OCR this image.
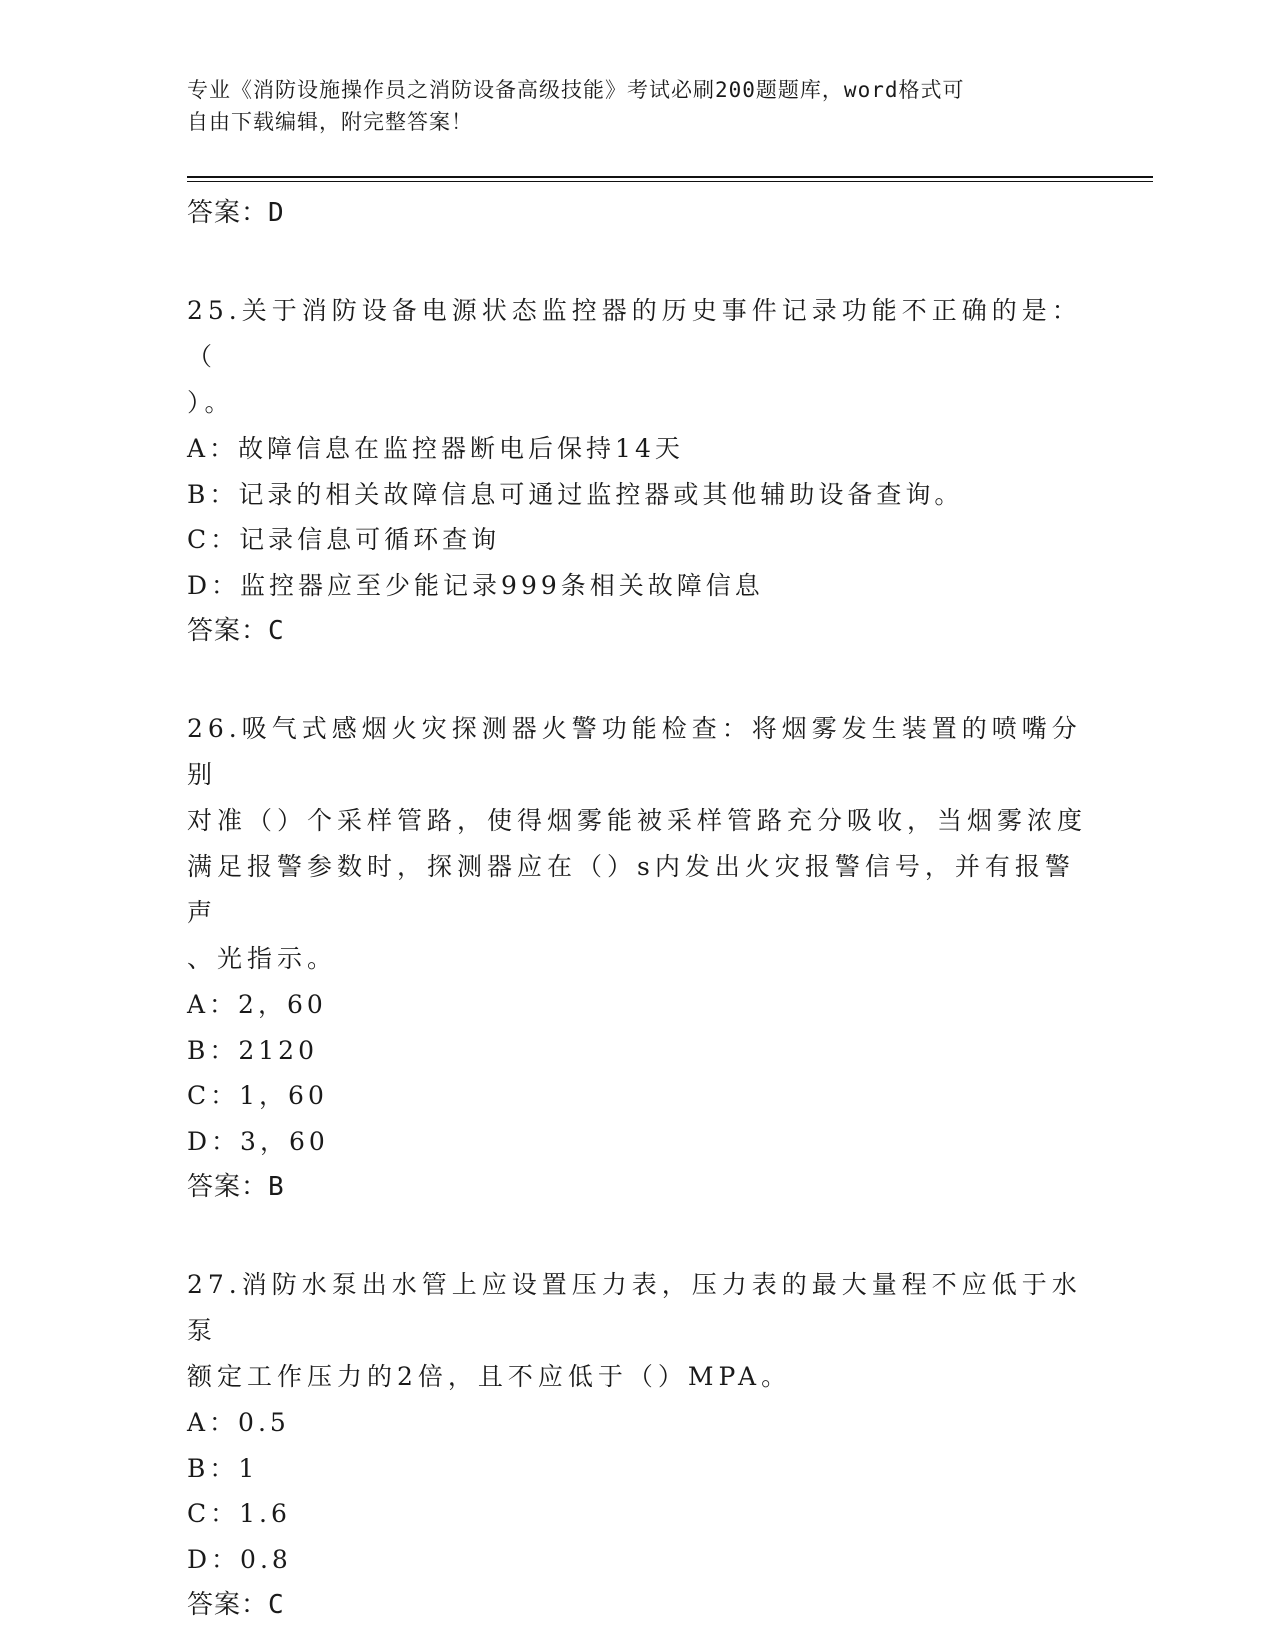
专业《消防设施操作员之消防设备高级技能》考试必刷200题题库，word格式可
自由下载编辑，附完整答案！
答案：D
25.关于消防设备电源状态监控器的历史事件记录功能不正确的是：（
）。
A：故障信息在监控器断电后保持14天
B：记录的相关故障信息可通过监控器或其他辅助设备查询。
C：记录信息可循环查询
D：监控器应至少能记录999条相关故障信息
答案：C
26.吸气式感烟火灾探测器火警功能检查：将烟雾发生装置的喷嘴分别
对准（）个采样管路，使得烟雾能被采样管路充分吸收，当烟雾浓度
满足报警参数时，探测器应在（）s内发出火灾报警信号，并有报警声
、光指示。
A：2，60
B：2120
C：1，60
D：3，60
答案：B
27.消防水泵出水管上应设置压力表，压力表的最大量程不应低于水泵
额定工作压力的2倍，且不应低于（）MPA。
A：0.5
B：1
C：1.6
D：0.8
答案：C
